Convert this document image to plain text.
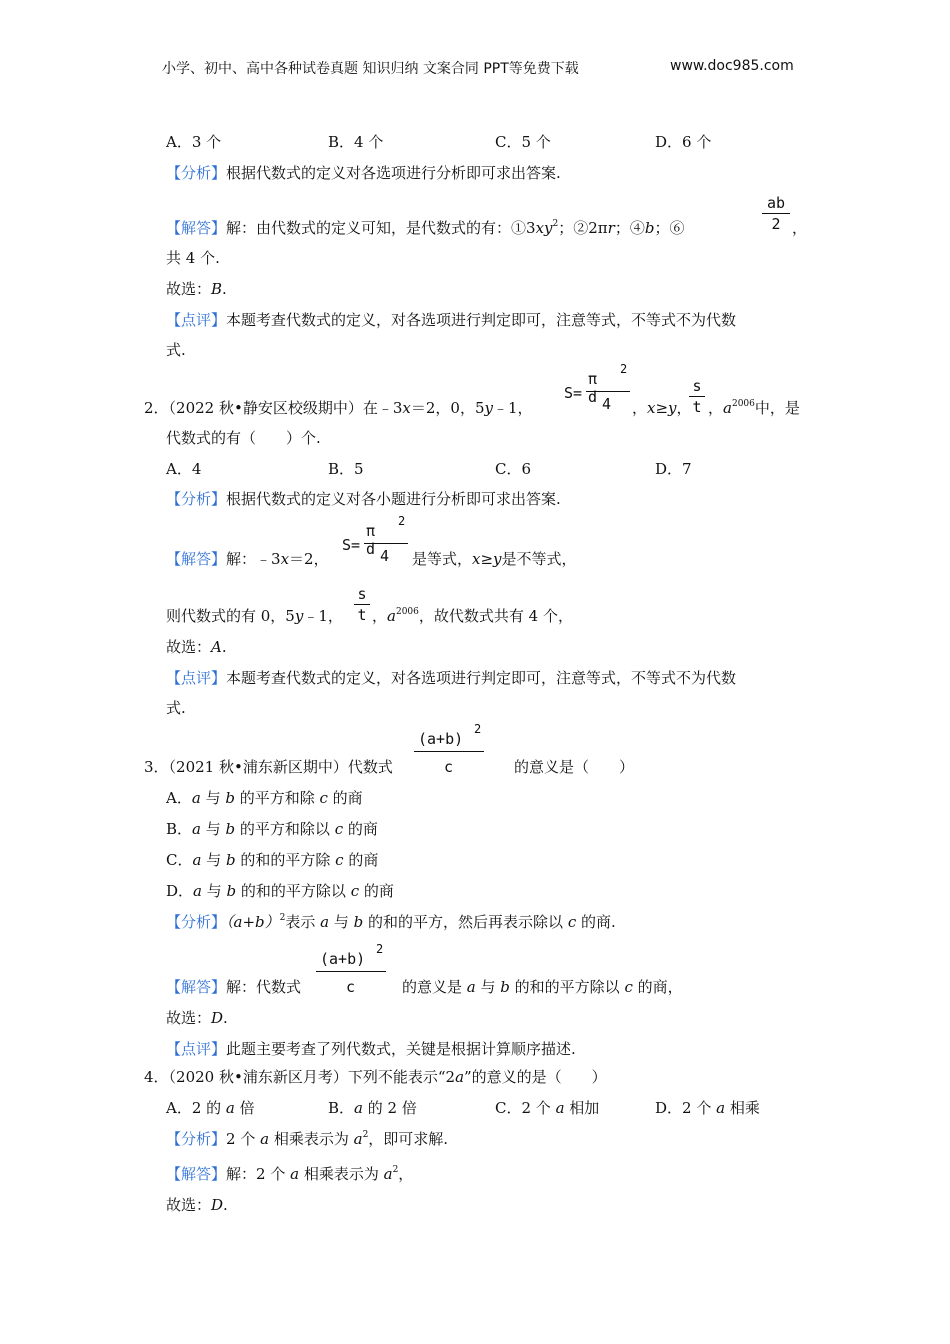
小学、初中、高中各种试卷真题 知识归纳 文案合同 PPT等免费下载	www.doc985.com
A．3 个	B．4 个	C．5 个	D．6 个
【分析】根据代数式的定义对各选项进行分析即可求出答案.
【解答】解：由代数式的定义可知，是代数式的有：$①3xy^2$；②2πr；④b；⑥
ab
2 ，
共 4 个.
故选：B.
【点评】本题考查代数式的定义，对各选项进行判定即可，注意等式，不等式不为代数
式.
2．（2022 秋•静安区校级期中）在﹣3x＝2，0，5y﹣1，
S=
π d
2
4 ，x≥y，
s
t ，$a^{2006}$中，是
代数式的有（　　）个.
A．4	B．5	C．6	D．7
【分析】根据代数式的定义对各小题进行分析即可求出答案.
【解答】解：﹣3x＝2，
S=
π d
2
4 是等式，x≥y是不等式，
则代数式的有 0，5y﹣1，
s
t ，$a^{2006}$，故代数式共有 4 个，
故选：A.
【点评】本题考查代数式的定义，对各选项进行判定即可，注意等式，不等式不为代数
式.
3．（2021 秋•浦东新区期中）代数式
(a+b)
2
c	的意义是（　　）
A．a 与 b 的平方和除 c 的商
B．a 与 b 的平方和除以 c 的商
C．a 与 b 的和的平方除 c 的商
D．a 与 b 的和的平方除以 c 的商
【分析】$(a+b)^2$表示 a 与 b 的和的平方，然后再表示除以 c 的商.
【解答】解：代数式
(a+b)
2
c	的意义是 a 与 b 的和的平方除以 c 的商，
故选：D.
【点评】此题主要考查了列代数式，关键是根据计算顺序描述.
4．（2020 秋•浦东新区月考）下列不能表示“2a”的意义的是（　　）
A．2 的 a 倍	B．a 的 2 倍	C．2 个 a 相加	D．2 个 a 相乘
【分析】2 个 a 相乘表示为 $a^2$，即可求解.
【解答】解：2 个 a 相乘表示为 $a^2$，
故选：D.
